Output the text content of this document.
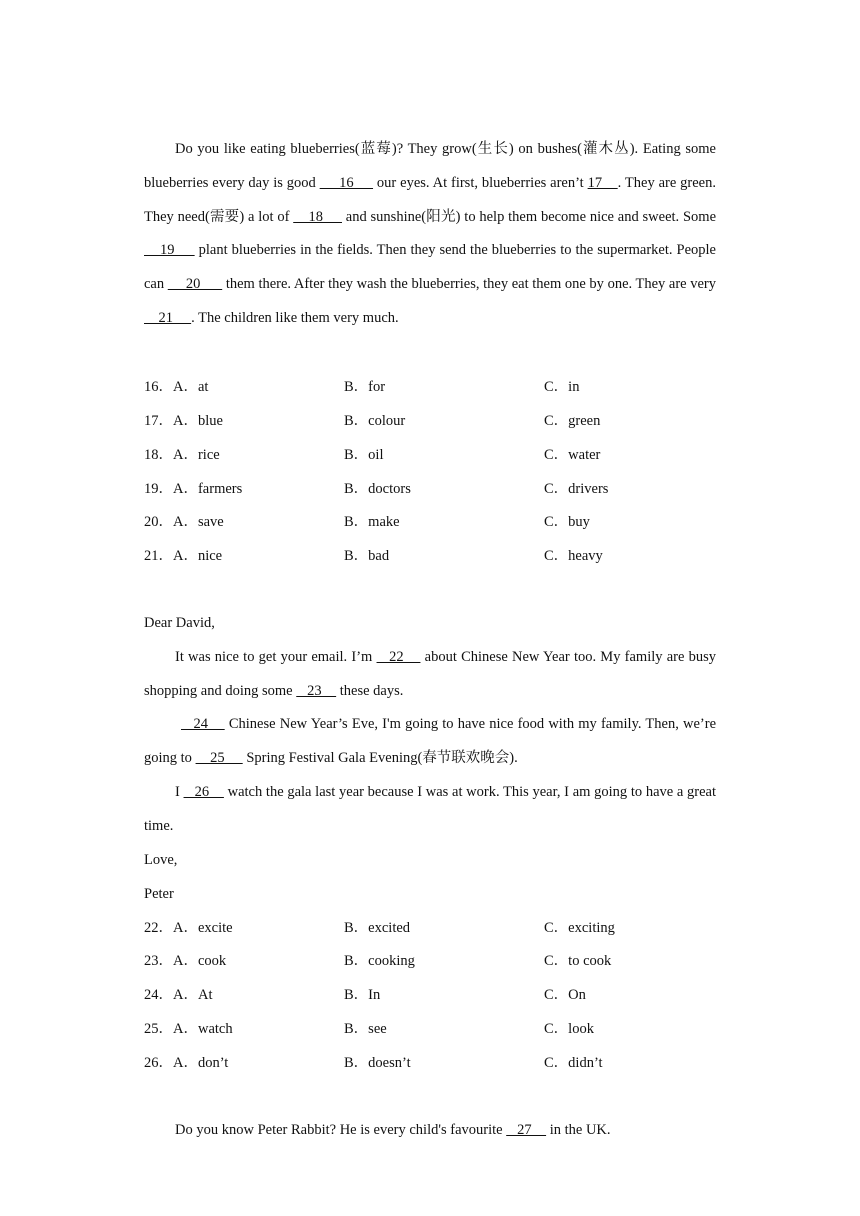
Do you like eating blueberries(蓝莓)? They grow(生长) on bushes(灌木丛). Eating some blueberries every day is good      16      our eyes. At first, blueberries aren’t 17    . They are green. They need(需要) a lot of     18      and sunshine(阳光) to help them become nice and sweet. Some     19      plant blueberries in the fields. Then they send the blueberries to the supermarket. People can      20       them there. After they wash the blueberries, they eat them one by one. They are very     21     . The children like them very much.

16．A．at	B．for	C．in
17．A．blue	B．colour	C．green
18．A．rice	B．oil	C．water
19．A．farmers	B．doctors	C．drivers
20．A．save	B．make	C．buy
21．A．nice	B．bad	C．heavy
Dear David,

It was nice to get your email. I’m    22     about Chinese New Year too. My family are busy shopping and doing some    23     these days.

24     Chinese New Year’s Eve, I'm going to have nice food with my family. Then, we’re going to     25      Spring Festival Gala Evening(春节联欢晚会).

I    26     watch the gala last year because I was at work. This year, I am going to have a great time.

Love,
Peter
22．A．excite	B．excited	C．exciting
23．A．cook	B．cooking	C．to cook
24．A．At	B．In	C．On
25．A．watch	B．see	C．look
26．A．don’t	B．doesn’t	C．didn’t

Do you know Peter Rabbit? He is every child's favourite    27     in the UK.
